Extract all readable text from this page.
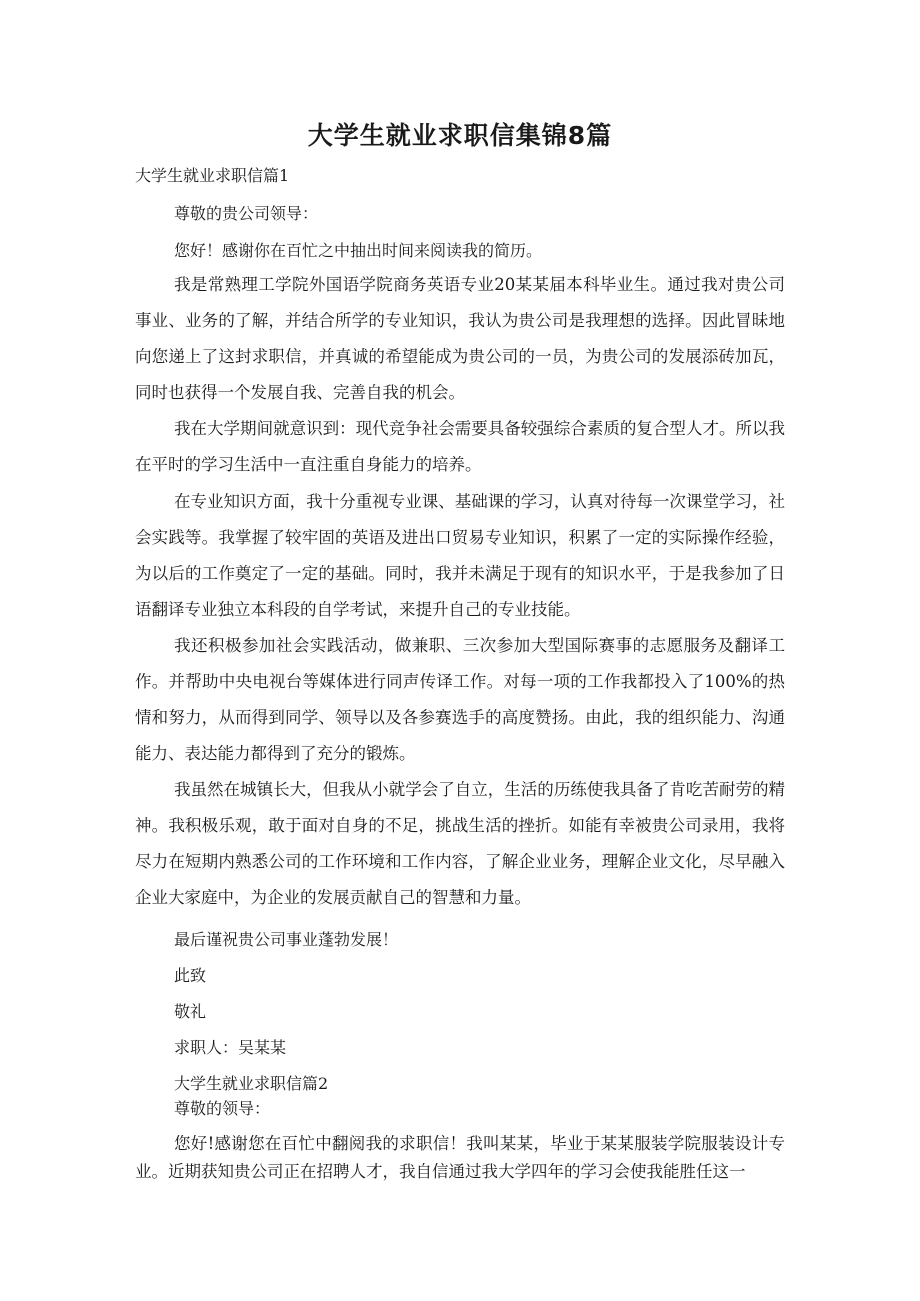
大学生就业求职信集锦8篇

大学生就业求职信篇1

尊敬的贵公司领导：

您好！感谢你在百忙之中抽出时间来阅读我的简历。

我是常熟理工学院外国语学院商务英语专业20某某届本科毕业生。通过我对贵公司事业、业务的了解，并结合所学的专业知识，我认为贵公司是我理想的选择。因此冒昧地向您递上了这封求职信，并真诚的希望能成为贵公司的一员，为贵公司的发展添砖加瓦，同时也获得一个发展自我、完善自我的机会。

我在大学期间就意识到：现代竞争社会需要具备较强综合素质的复合型人才。所以我在平时的学习生活中一直注重自身能力的培养。

在专业知识方面，我十分重视专业课、基础课的学习，认真对待每一次课堂学习，社会实践等。我掌握了较牢固的英语及进出口贸易专业知识，积累了一定的实际操作经验，为以后的工作奠定了一定的基础。同时，我并未满足于现有的知识水平，于是我参加了日语翻译专业独立本科段的自学考试，来提升自己的专业技能。

我还积极参加社会实践活动，做兼职、三次参加大型国际赛事的志愿服务及翻译工作。并帮助中央电视台等媒体进行同声传译工作。对每一项的工作我都投入了100%的热情和努力，从而得到同学、领导以及各参赛选手的高度赞扬。由此，我的组织能力、沟通能力、表达能力都得到了充分的锻炼。

我虽然在城镇长大，但我从小就学会了自立，生活的历练使我具备了肯吃苦耐劳的精神。我积极乐观，敢于面对自身的不足，挑战生活的挫折。如能有幸被贵公司录用，我将尽力在短期内熟悉公司的工作环境和工作内容，了解企业业务，理解企业文化，尽早融入企业大家庭中，为企业的发展贡献自己的智慧和力量。

最后谨祝贵公司事业蓬勃发展！

此致

敬礼

求职人：吴某某

大学生就业求职信篇2

尊敬的领导：

您好!感谢您在百忙中翻阅我的求职信！我叫某某，毕业于某某服装学院服装设计专业。近期获知贵公司正在招聘人才，我自信通过我大学四年的学习会使我能胜任这一
